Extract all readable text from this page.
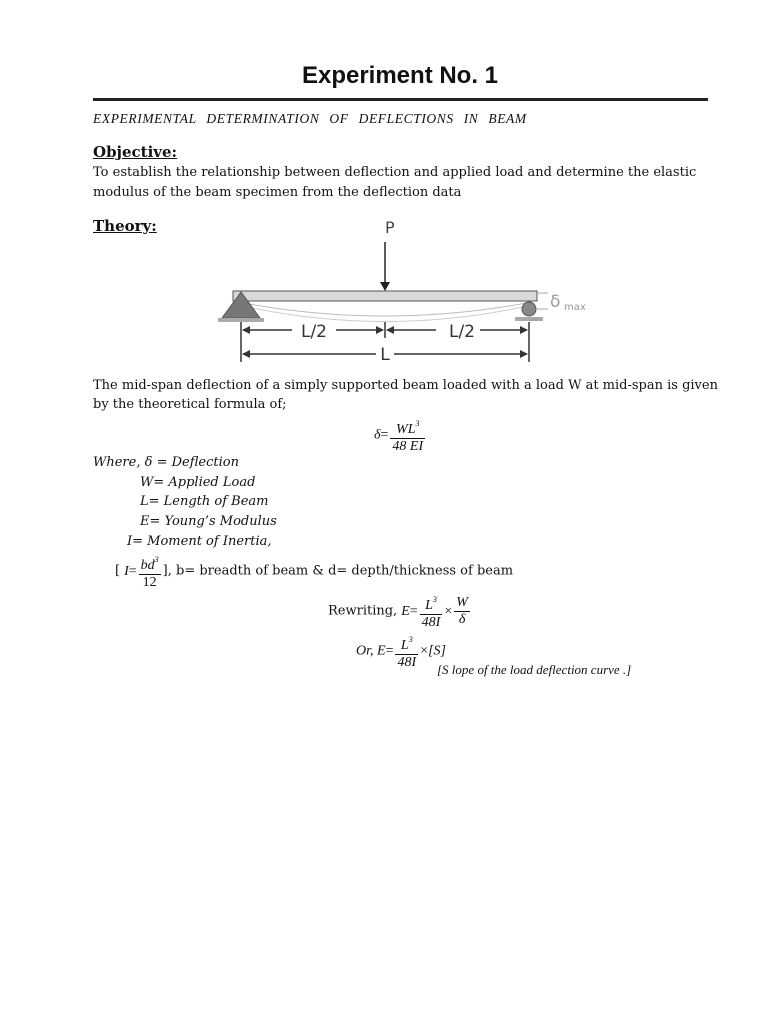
Experiment No. 1
EXPERIMENTAL DETERMINATION OF DEFLECTIONS IN BEAM
Objective:
To establish the relationship between deflection and applied load and determine the elastic
modulus of the beam specimen from the deflection data
Theory:	P
δ max
L/2	L/2
L
The mid-span deflection of a simply supported beam loaded with a load W at mid-span is given
by the theoretical formula of;
$\delta= \frac{WL^3}{48 EI}$
Where, δ = Deflection
W= Applied Load
L= Length of Beam
E= Young’s Modulus
I= Moment of Inertia,
[ $I= \frac{bd^3}{12}$ ], b= breadth of beam & d= depth/thickness of beam
Rewriting, $E= \frac{L^3}{48I} \times \frac{W}{\delta}$
Or, $E= \frac{L^3}{48I} \times[S]$
[S lope of the load deflection curve .]
